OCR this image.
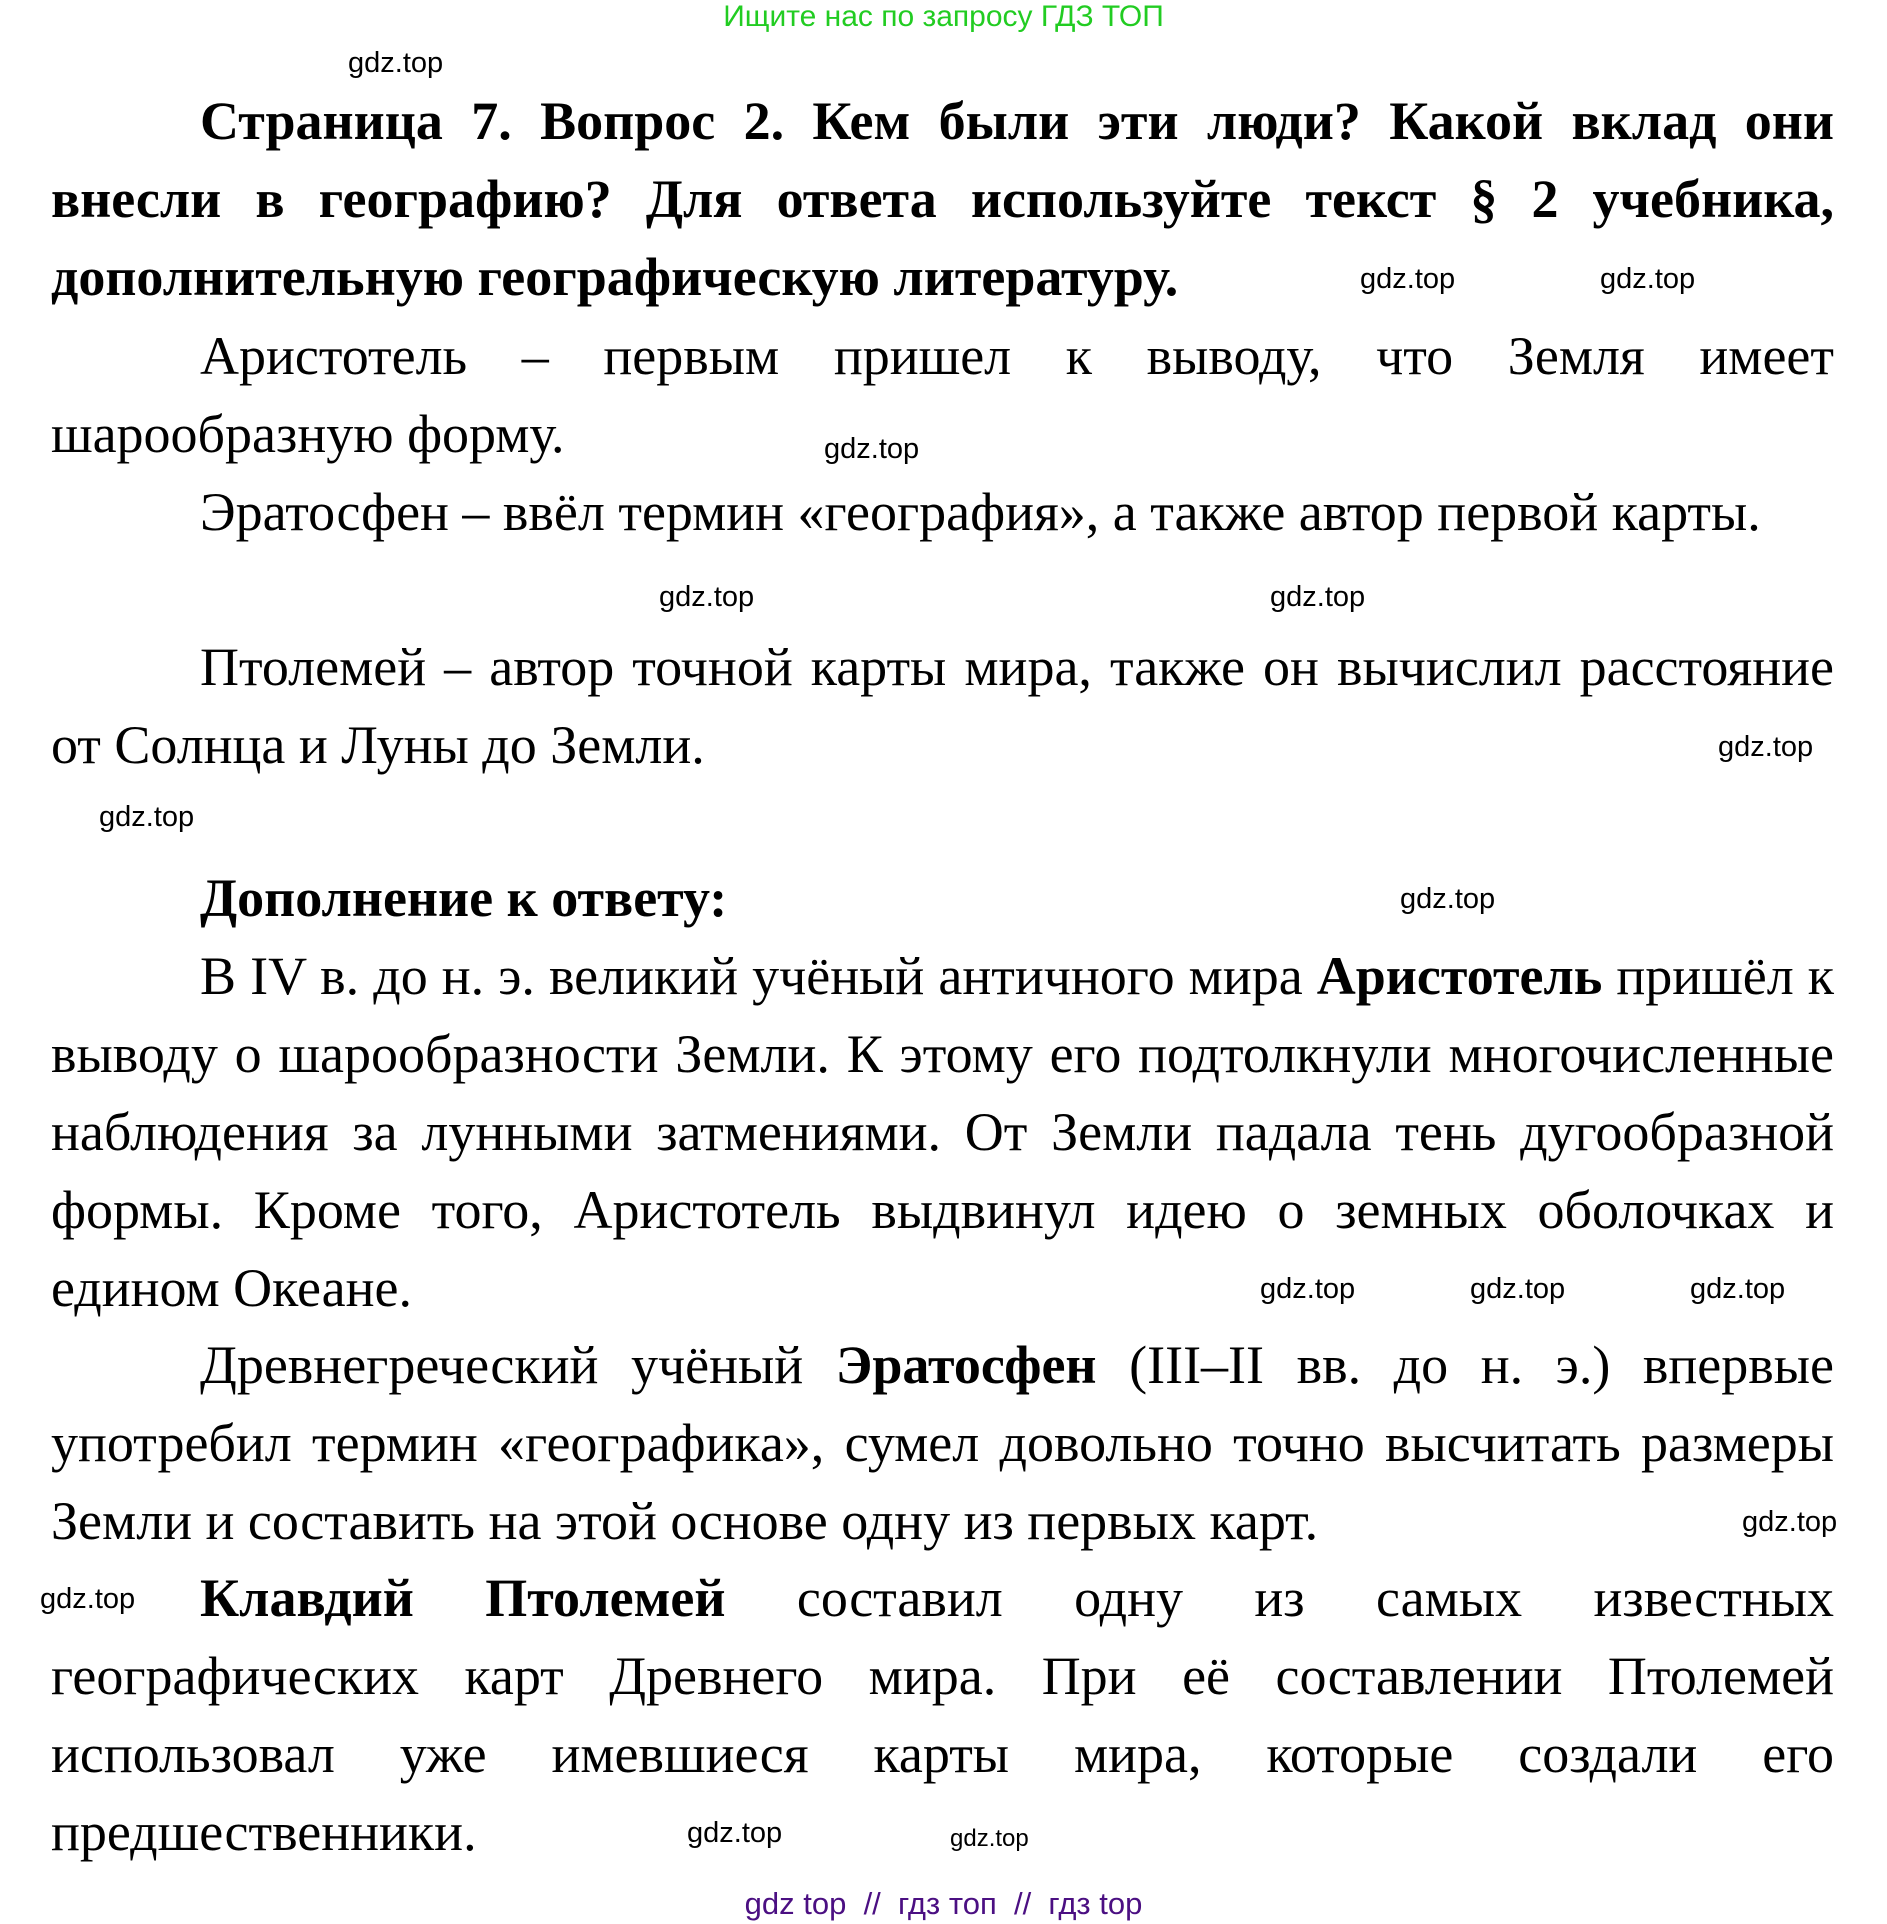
Ищите нас по запросу ГДЗ ТОП
Страница 7. Вопрос 2. Кем были эти люди? Какой вклад они внесли в географию? Для ответа используйте текст § 2 учебника, дополнительную географическую литературу.
Аристотель – первым пришел к выводу, что Земля имеет шарообразную форму.
Эратосфен – ввёл термин «география», а также автор первой карты.
Птолемей – автор точной карты мира, также он вычислил расстояние от Солнца и Луны до Земли.
Дополнение к ответу:
В IV в. до н. э. великий учёный античного мира Аристотель пришёл к выводу о шарообразности Земли. К этому его подтолкнули многочисленные наблюдения за лунными затмениями. От Земли падала тень дугообразной формы. Кроме того, Аристотель выдвинул идею о земных оболочках и едином Океане.
Древнегреческий учёный Эратосфен (III–II вв. до н. э.) впервые употребил термин «географика», сумел довольно точно высчитать размеры Земли и составить на этой основе одну из первых карт.
Клавдий Птолемей составил одну из самых известных географических карт Древнего мира. При её составлении Птолемей использовал уже имевшиеся карты мира, которые создали его предшественники.
gdz.top
gdz.top	gdz.top
gdz.top
gdz.top
gdz.top
gdz.top
gdz.top
gdz.top
gdz.top	gdz.top	gdz.top
gdz.top
gdz.top
gdz.top
gdz.top
gdz top  //  гдз топ  //  гдз top
